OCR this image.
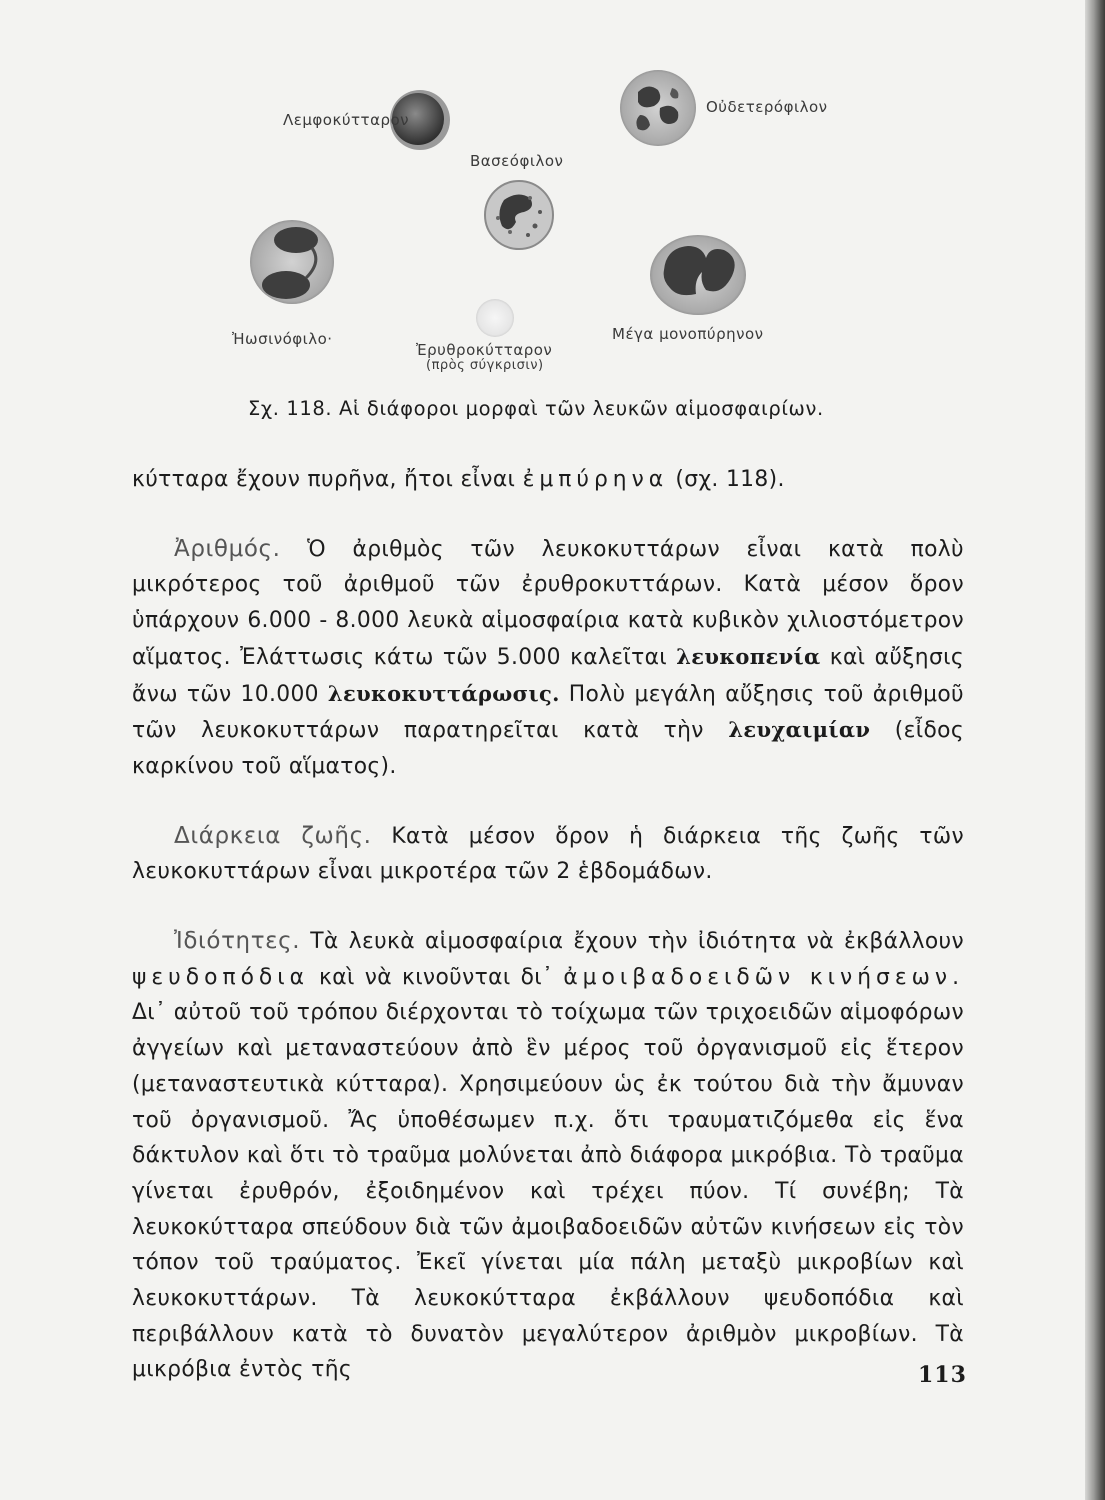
Λεμφοκύτταρον
Οὐδετερόφιλον
Βασεόφιλον
Ἠωσινόφιλο·
Ἐρυθροκύτταρον
(πρὸς σύγκρισιν)
Μέγα μονοπύρηνον
Σχ. 118. Αἱ διάφοροι μορφαὶ τῶν λευκῶν αἱμοσφαιρίων.

κύτταρα ἔχουν πυρῆνα, ἤτοι εἶναι ἐμπύρηνα (σχ. 118).

Ἀριθμός. Ὁ ἀριθμὸς τῶν λευκοκυττάρων εἶναι κατὰ πολὺ μικρότερος τοῦ ἀριθμοῦ τῶν ἐρυθροκυττάρων. Κατὰ μέσον ὅρον ὑπάρχουν 6.000 - 8.000 λευκὰ αἱμοσφαίρια κατὰ κυβικὸν χιλιοστόμετρον αἵματος. Ἐλάττωσις κάτω τῶν 5.000 καλεῖται λευκοπενία καὶ αὔξησις ἄνω τῶν 10.000 λευκοκυττάρωσις. Πολὺ μεγάλη αὔξησις τοῦ ἀριθμοῦ τῶν λευκοκυττάρων παρατηρεῖται κατὰ τὴν λευχαιμίαν (εἶδος καρκίνου τοῦ αἵματος).

Διάρκεια ζωῆς. Κατὰ μέσον ὅρον ἡ διάρκεια τῆς ζωῆς τῶν λευκοκυττάρων εἶναι μικροτέρα τῶν 2 ἑβδομάδων.

Ἰδιότητες. Τὰ λευκὰ αἱμοσφαίρια ἔχουν τὴν ἰδιότητα νὰ ἐκβάλλουν ψευδοπόδια καὶ νὰ κινοῦνται δι᾽ ἀμοιβαδοειδῶν κινήσεων. Δι᾽ αὐτοῦ τοῦ τρόπου διέρχονται τὸ τοίχωμα τῶν τριχοειδῶν αἱμοφόρων ἀγγείων καὶ μεταναστεύουν ἀπὸ ἓν μέρος τοῦ ὀργανισμοῦ εἰς ἕτερον (μεταναστευτικὰ κύτταρα). Χρησιμεύουν ὡς ἐκ τούτου διὰ τὴν ἄμυναν τοῦ ὀργανισμοῦ. Ἄς ὑποθέσωμεν π.χ. ὅτι τραυματιζόμεθα εἰς ἕνα δάκτυλον καὶ ὅτι τὸ τραῦμα μολύνεται ἀπὸ διάφορα μικρόβια. Τὸ τραῦμα γίνεται ἐρυθρόν, ἐξοιδημένον καὶ τρέχει πύον. Τί συνέβη; Τὰ λευκοκύτταρα σπεύδουν διὰ τῶν ἀμοιβαδοειδῶν αὐτῶν κινήσεων εἰς τὸν τόπον τοῦ τραύματος. Ἐκεῖ γίνεται μία πάλη μεταξὺ μικροβίων καὶ λευκοκυττάρων. Τὰ λευκοκύτταρα ἐκβάλλουν ψευδοπόδια καὶ περιβάλλουν κατὰ τὸ δυνατὸν μεγαλύτερον ἀριθμὸν μικροβίων. Τὰ μικρόβια ἐντὸς τῆς	113
